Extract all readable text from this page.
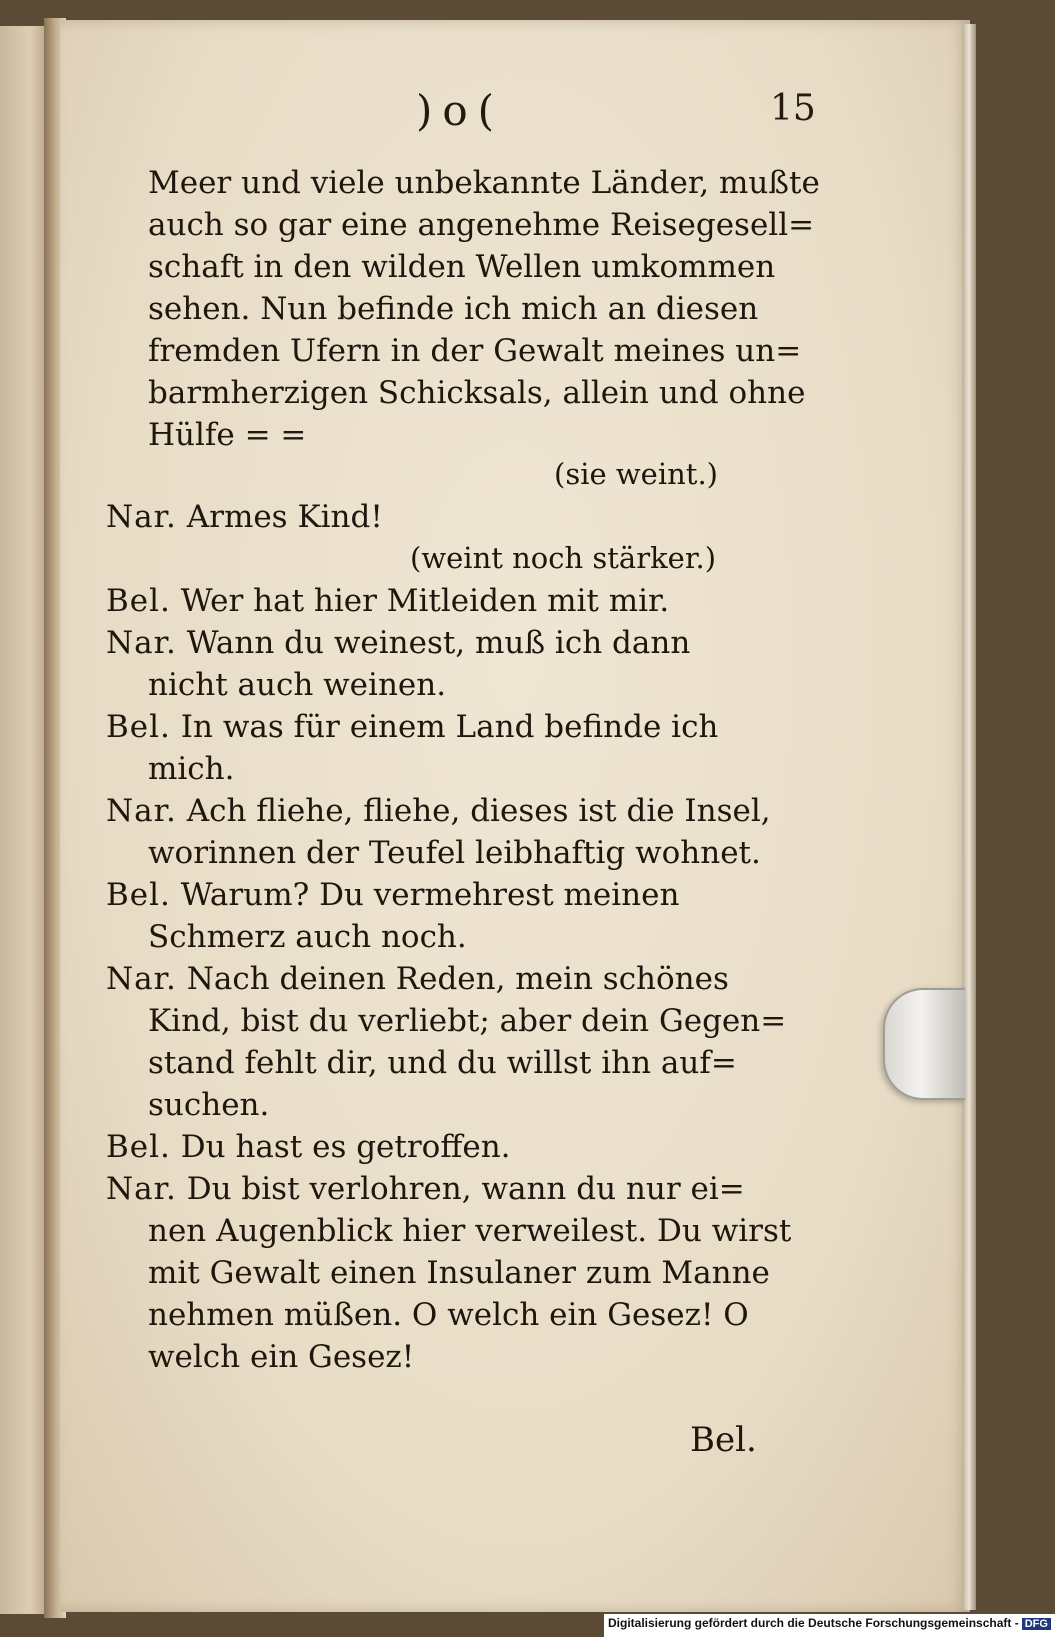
)o(	15
Meer und viele unbekannte Länder, mußte
auch so gar eine angenehme Reisegesell=
schaft in den wilden Wellen umkommen
sehen. Nun befinde ich mich an diesen
fremden Ufern in der Gewalt meines un=
barmherzigen Schicksals, allein und ohne
Hülfe = =
(sie weint.)
Nar. Armes Kind!
(weint noch stärker.)
Bel. Wer hat hier Mitleiden mit mir.
Nar. Wann du weinest, muß ich dann
nicht auch weinen.
Bel. In was für einem Land befinde ich
mich.
Nar. Ach fliehe, fliehe, dieses ist die Insel,
worinnen der Teufel leibhaftig wohnet.
Bel. Warum? Du vermehrest meinen
Schmerz auch noch.
Nar. Nach deinen Reden, mein schönes
Kind, bist du verliebt; aber dein Gegen=
stand fehlt dir, und du willst ihn auf=
suchen.
Bel. Du hast es getroffen.
Nar. Du bist verlohren, wann du nur ei=
nen Augenblick hier verweilest. Du wirst
mit Gewalt einen Insulaner zum Manne
nehmen müßen. O welch ein Gesez! O
welch ein Gesez!
Bel.
Digitalisierung gefördert durch die Deutsche Forschungsgemeinschaft - DFG
